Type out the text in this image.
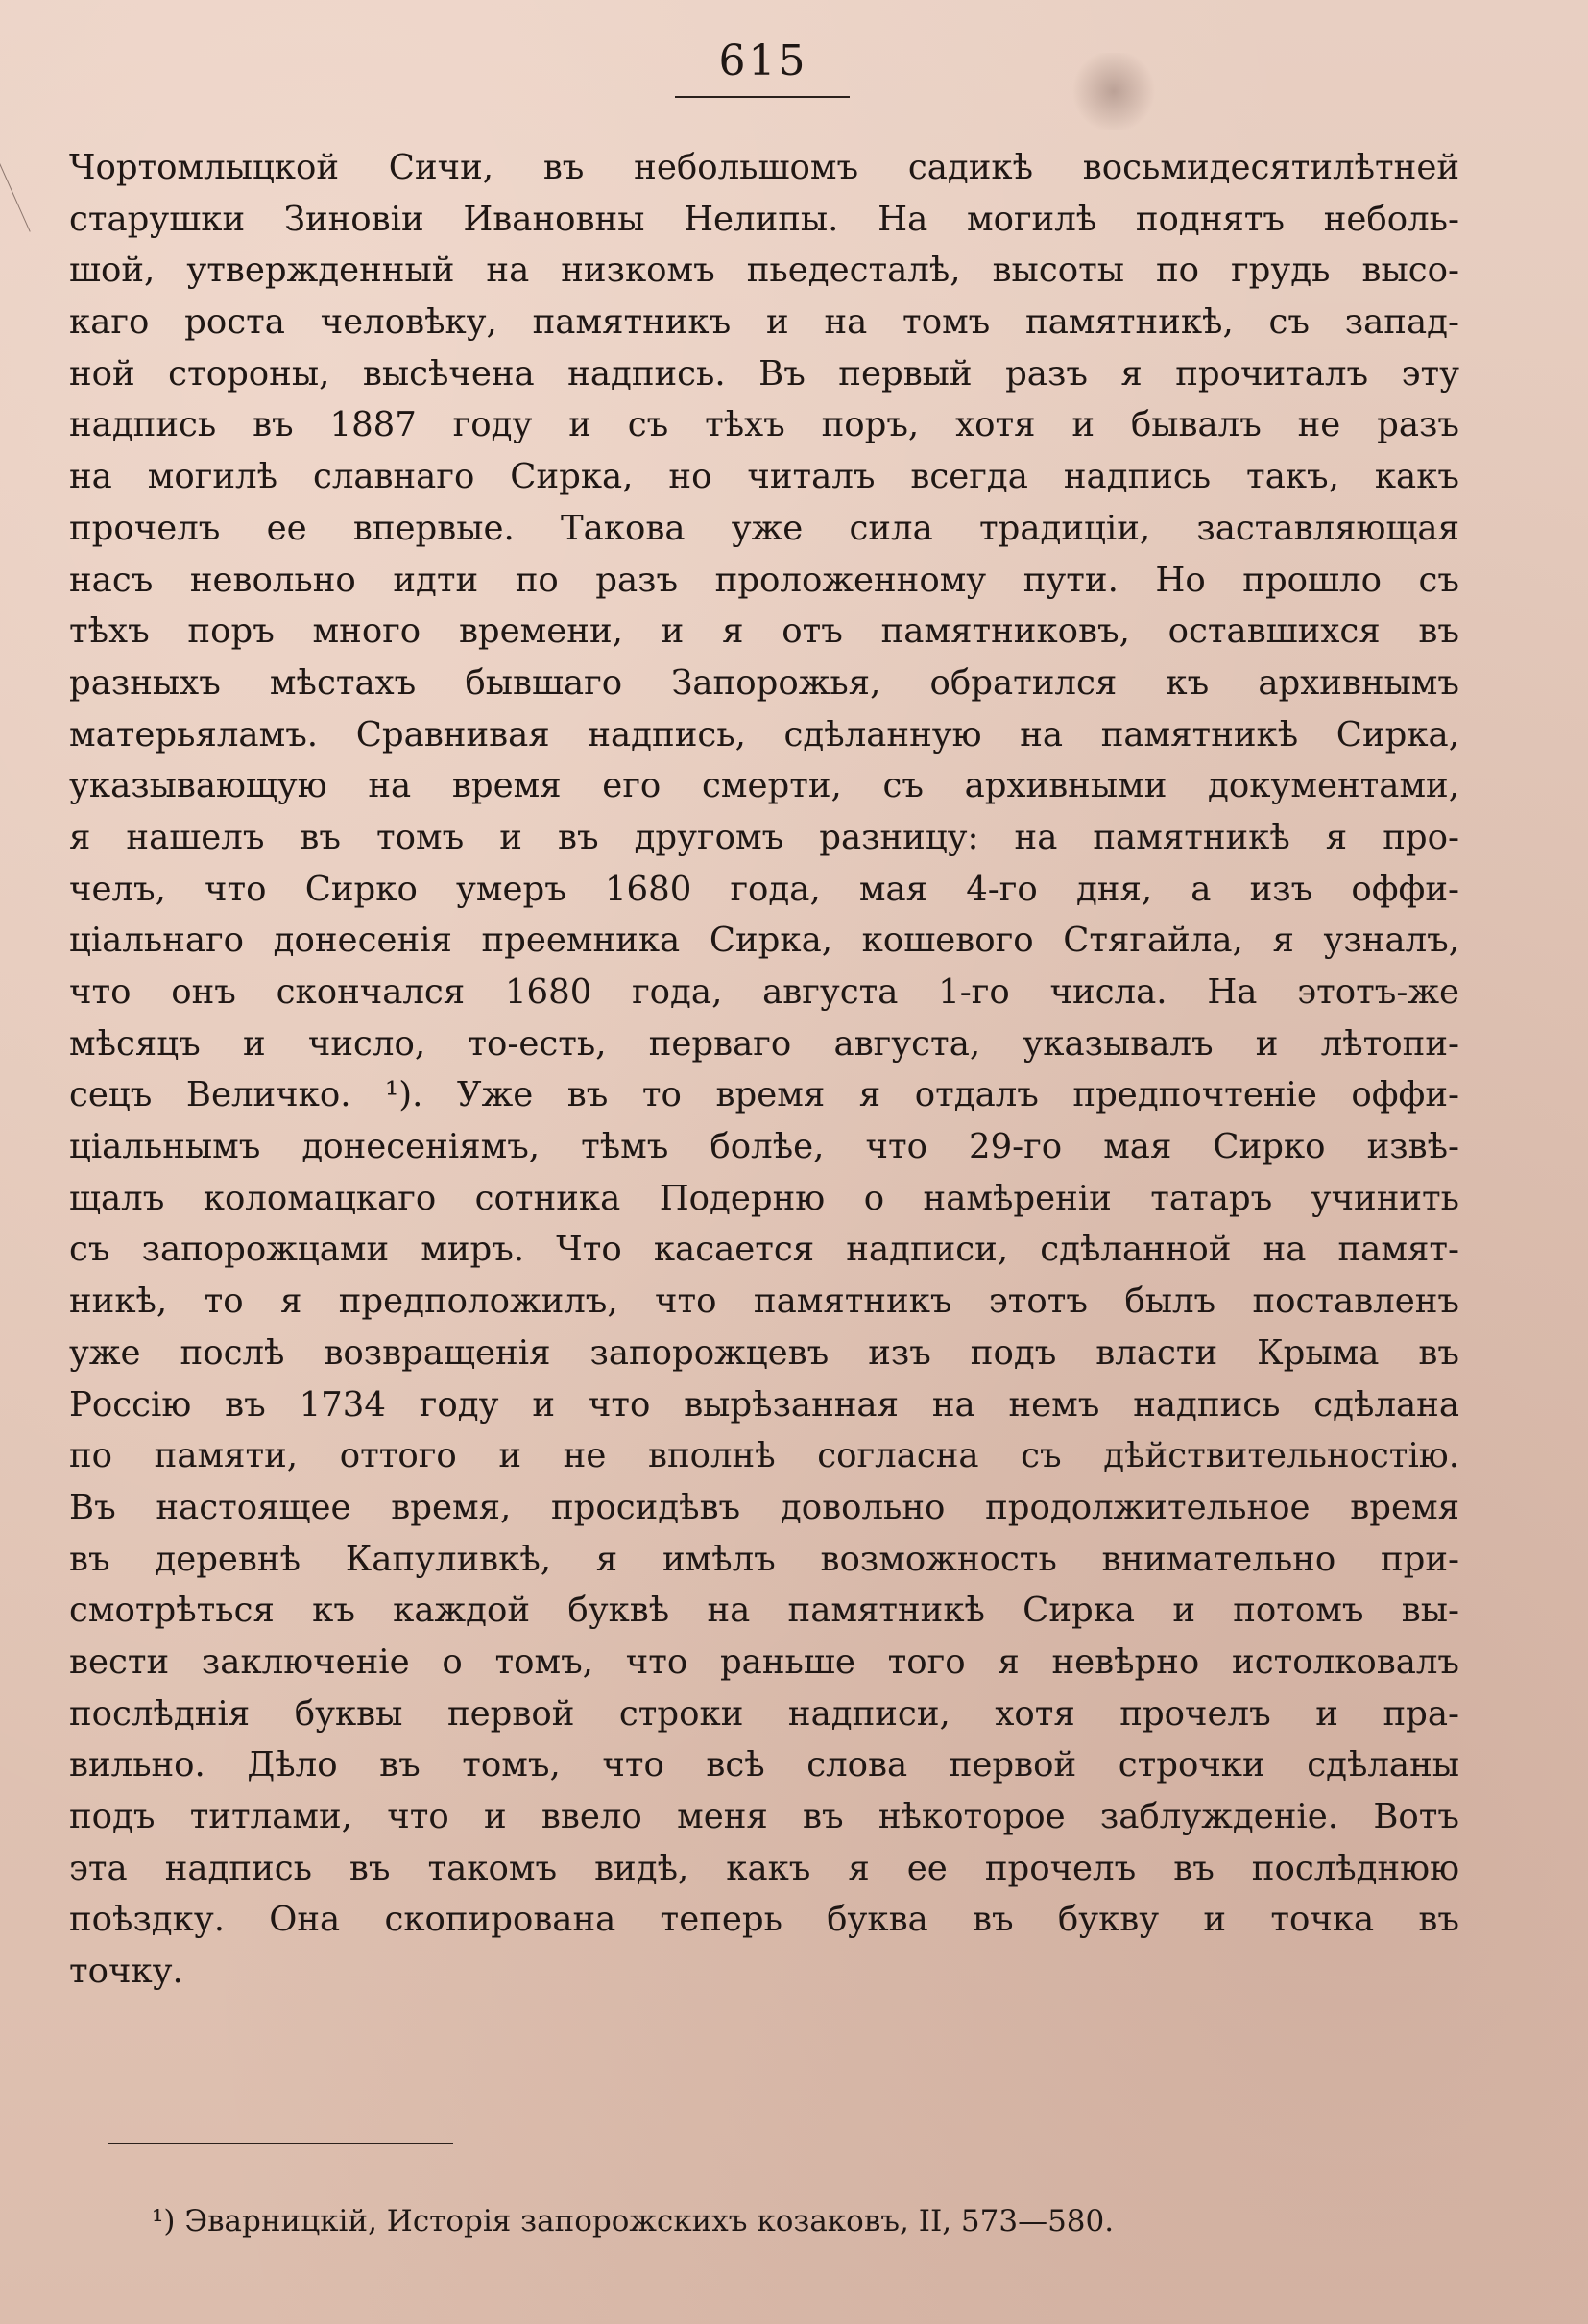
615
Чортомлыцкой Сичи, въ небольшомъ садикѣ восьмидесятилѣтней
старушки Зиновіи Ивановны Нелипы. На могилѣ поднятъ неболь-
шой, утвержденный на низкомъ пьедесталѣ, высоты по грудь высо-
каго роста человѣку, памятникъ и на томъ памятникѣ, съ запад-
ной стороны, высѣчена надпись. Въ первый разъ я прочиталъ эту
надпись въ 1887 году и съ тѣхъ поръ, хотя и бывалъ не разъ
на могилѣ славнаго Сирка, но читалъ всегда надпись такъ, какъ
прочелъ ее впервые. Такова уже сила традиціи, заставляющая
насъ невольно идти по разъ проложенному пути. Но прошло съ
тѣхъ поръ много времени, и я отъ памятниковъ, оставшихся въ
разныхъ мѣстахъ бывшаго Запорожья, обратился къ архивнымъ
матерьяламъ. Сравнивая надпись, сдѣланную на памятникѣ Сирка,
указывающую на время его смерти, съ архивными документами,
я нашелъ въ томъ и въ другомъ разницу: на памятникѣ я про-
челъ, что Сирко умеръ 1680 года, мая 4-го дня, а изъ оффи-
ціальнаго донесенія преемника Сирка, кошевого Стягайла, я узналъ,
что онъ скончался 1680 года, августа 1-го числа. На этотъ-же
мѣсяцъ и число, то-есть, перваго августа, указывалъ и лѣтопи-
сецъ Величко. ¹). Уже въ то время я отдалъ предпочтеніе оффи-
ціальнымъ донесеніямъ, тѣмъ болѣе, что 29-го мая Сирко извѣ-
щалъ коломацкаго сотника Подерню о намѣреніи татаръ учинить
съ запорожцами миръ. Что касается надписи, сдѣланной на памят-
никѣ, то я предположилъ, что памятникъ этотъ былъ поставленъ
уже послѣ возвращенія запорожцевъ изъ подъ власти Крыма въ
Россію въ 1734 году и что вырѣзанная на немъ надпись сдѣлана
по памяти, оттого и не вполнѣ согласна съ дѣйствительностію.
Въ настоящее время, просидѣвъ довольно продолжительное время
въ деревнѣ Капуливкѣ, я имѣлъ возможность внимательно при-
смотрѣться къ каждой буквѣ на памятникѣ Сирка и потомъ вы-
вести заключеніе о томъ, что раньше того я невѣрно истолковалъ
послѣднія буквы первой строки надписи, хотя прочелъ и пра-
вильно. Дѣло въ томъ, что всѣ слова первой строчки сдѣланы
подъ титлами, что и ввело меня въ нѣкоторое заблужденіе. Вотъ
эта надпись въ такомъ видѣ, какъ я ее прочелъ въ послѣднюю
поѣздку. Она скопирована теперь буква въ букву и точка въ
точку.
¹) Эварницкій, Исторія запорожскихъ козаковъ, II, 573—580.
